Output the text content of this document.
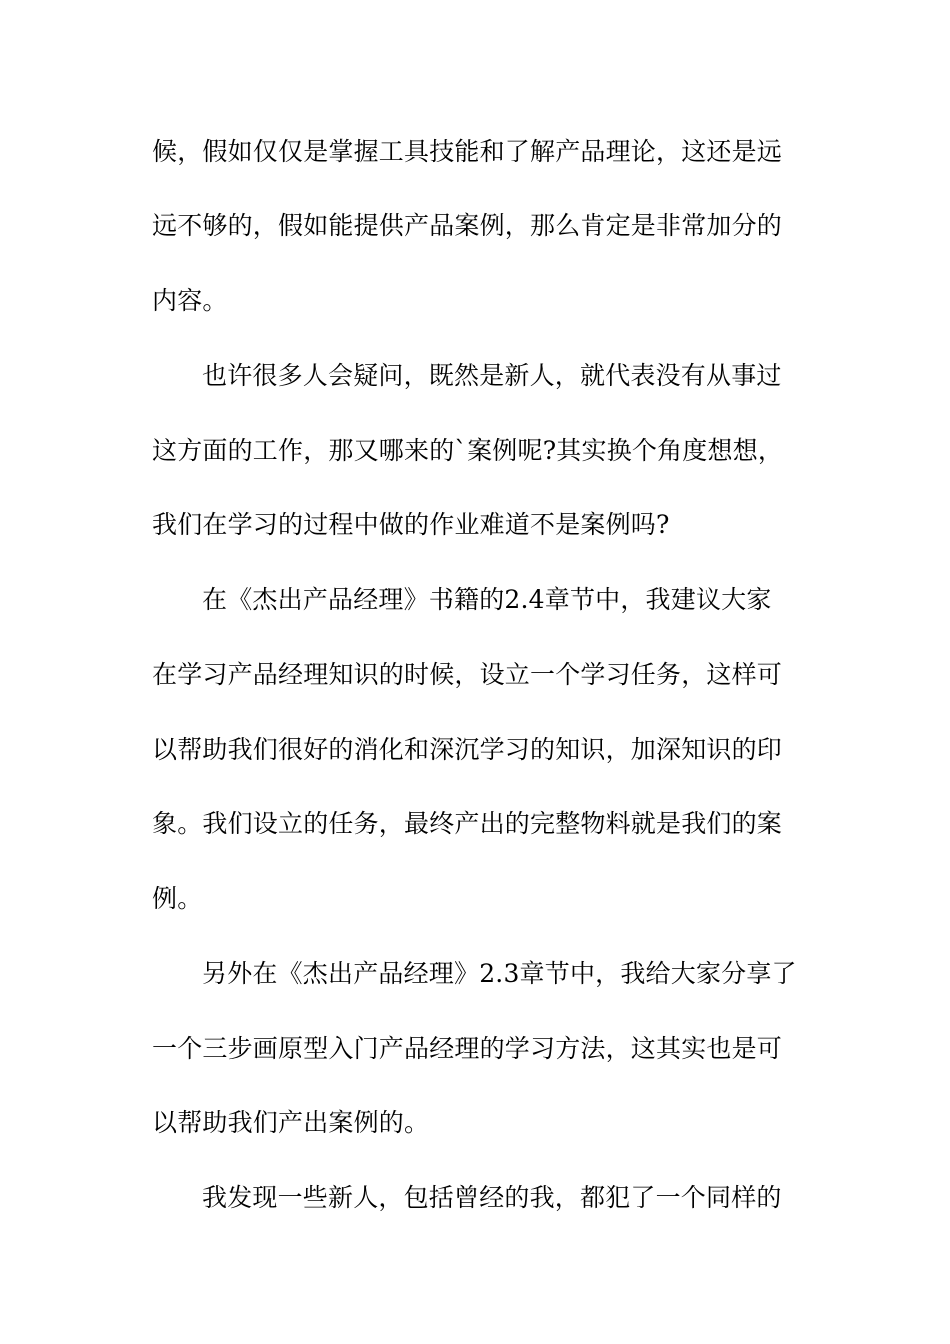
候，假如仅仅是掌握工具技能和了解产品理论，这还是远
远不够的，假如能提供产品案例，那么肯定是非常加分的
内容。
也许很多人会疑问，既然是新人，就代表没有从事过
这方面的工作，那又哪来的`案例呢?其实换个角度想想，
我们在学习的过程中做的作业难道不是案例吗?
在《杰出产品经理》书籍的2.4章节中，我建议大家
在学习产品经理知识的时候，设立一个学习任务，这样可
以帮助我们很好的消化和深沉学习的知识，加深知识的印
象。我们设立的任务，最终产出的完整物料就是我们的案
例。
另外在《杰出产品经理》2.3章节中，我给大家分享了
一个三步画原型入门产品经理的学习方法，这其实也是可
以帮助我们产出案例的。
我发现一些新人，包括曾经的我，都犯了一个同样的
